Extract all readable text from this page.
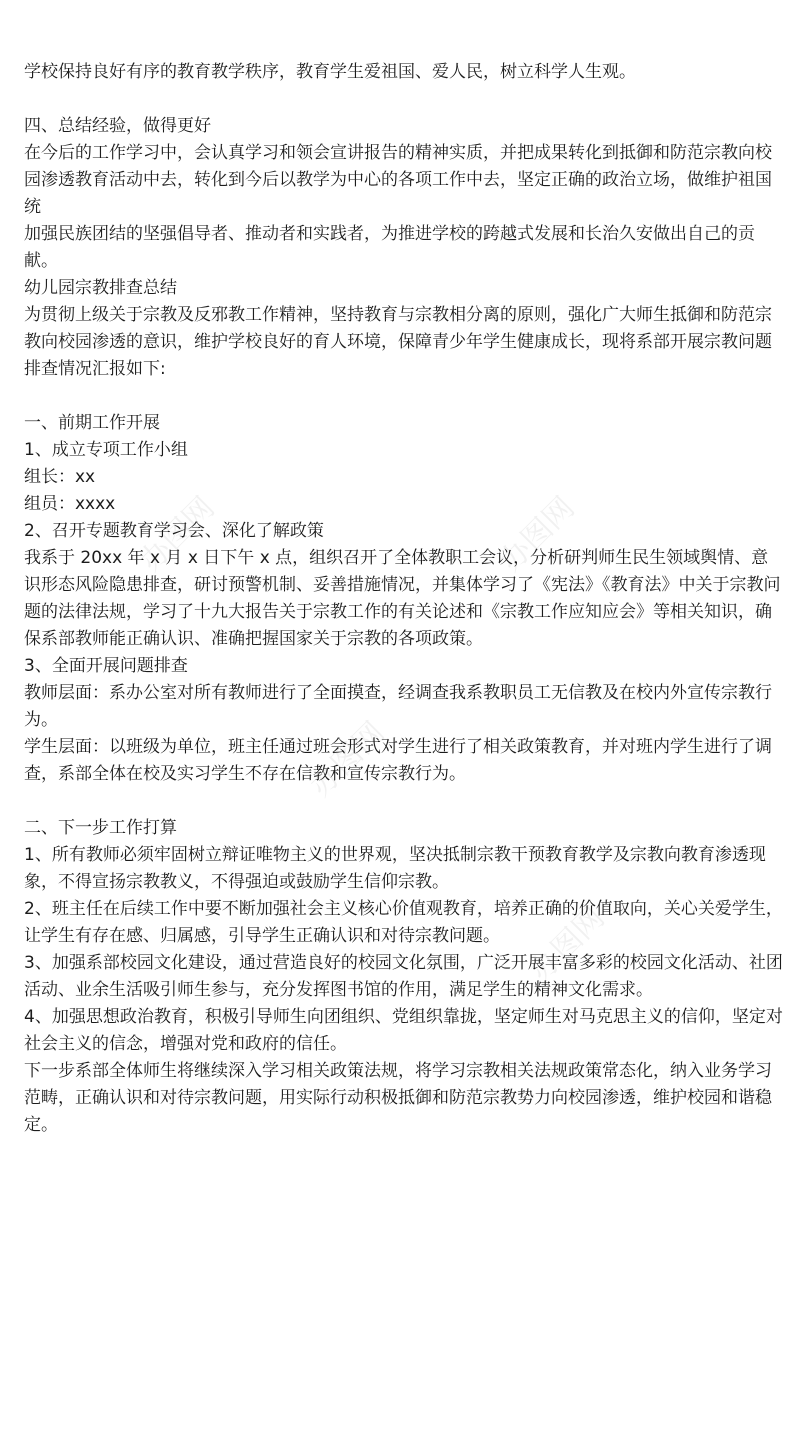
办图网	办图网
办图网
办图网

学校保持良好有序的教育教学秩序，教育学生爱祖国、爱人民，树立科学人生观。

四、总结经验，做得更好

在今后的工作学习中，会认真学习和领会宣讲报告的精神实质，并把成果转化到抵御和防范宗教向校园渗透教育活动中去，转化到今后以教学为中心的各项工作中去，坚定正确的政治立场，做维护祖国统

加强民族团结的坚强倡导者、推动者和实践者，为推进学校的跨越式发展和长治久安做出自己的贡献。

幼儿园宗教排查总结

为贯彻上级关于宗教及反邪教工作精神，坚持教育与宗教相分离的原则，强化广大师生抵御和防范宗教向校园渗透的意识，维护学校良好的育人环境，保障青少年学生健康成长，现将系部开展宗教问题排查情况汇报如下:

一、前期工作开展

1、成立专项工作小组

组长：xx

组员：xxxx

2、召开专题教育学习会、深化了解政策

我系于 20xx 年 x 月 x 日下午 x 点，组织召开了全体教职工会议，分析研判师生民生领域舆情、意识形态风险隐患排查，研讨预警机制、妥善措施情况，并集体学习了《宪法》《教育法》中关于宗教问题的法律法规，学习了十九大报告关于宗教工作的有关论述和《宗教工作应知应会》等相关知识，确保系部教师能正确认识、准确把握国家关于宗教的各项政策。

3、全面开展问题排查

教师层面：系办公室对所有教师进行了全面摸查，经调查我系教职员工无信教及在校内外宣传宗教行为。

学生层面：以班级为单位，班主任通过班会形式对学生进行了相关政策教育，并对班内学生进行了调查，系部全体在校及实习学生不存在信教和宣传宗教行为。

二、下一步工作打算

1、所有教师必须牢固树立辩证唯物主义的世界观，坚决抵制宗教干预教育教学及宗教向教育渗透现象，不得宣扬宗教教义，不得强迫或鼓励学生信仰宗教。

2、班主任在后续工作中要不断加强社会主义核心价值观教育，培养正确的价值取向，关心关爱学生，让学生有存在感、归属感，引导学生正确认识和对待宗教问题。

3、加强系部校园文化建设，通过营造良好的校园文化氛围，广泛开展丰富多彩的校园文化活动、社团活动、业余生活吸引师生参与，充分发挥图书馆的作用，满足学生的精神文化需求。

4、加强思想政治教育，积极引导师生向团组织、党组织靠拢，坚定师生对马克思主义的信仰，坚定对社会主义的信念，增强对党和政府的信任。

下一步系部全体师生将继续深入学习相关政策法规，将学习宗教相关法规政策常态化，纳入业务学习范畴，正确认识和对待宗教问题，用实际行动积极抵御和防范宗教势力向校园渗透，维护校园和谐稳定。
